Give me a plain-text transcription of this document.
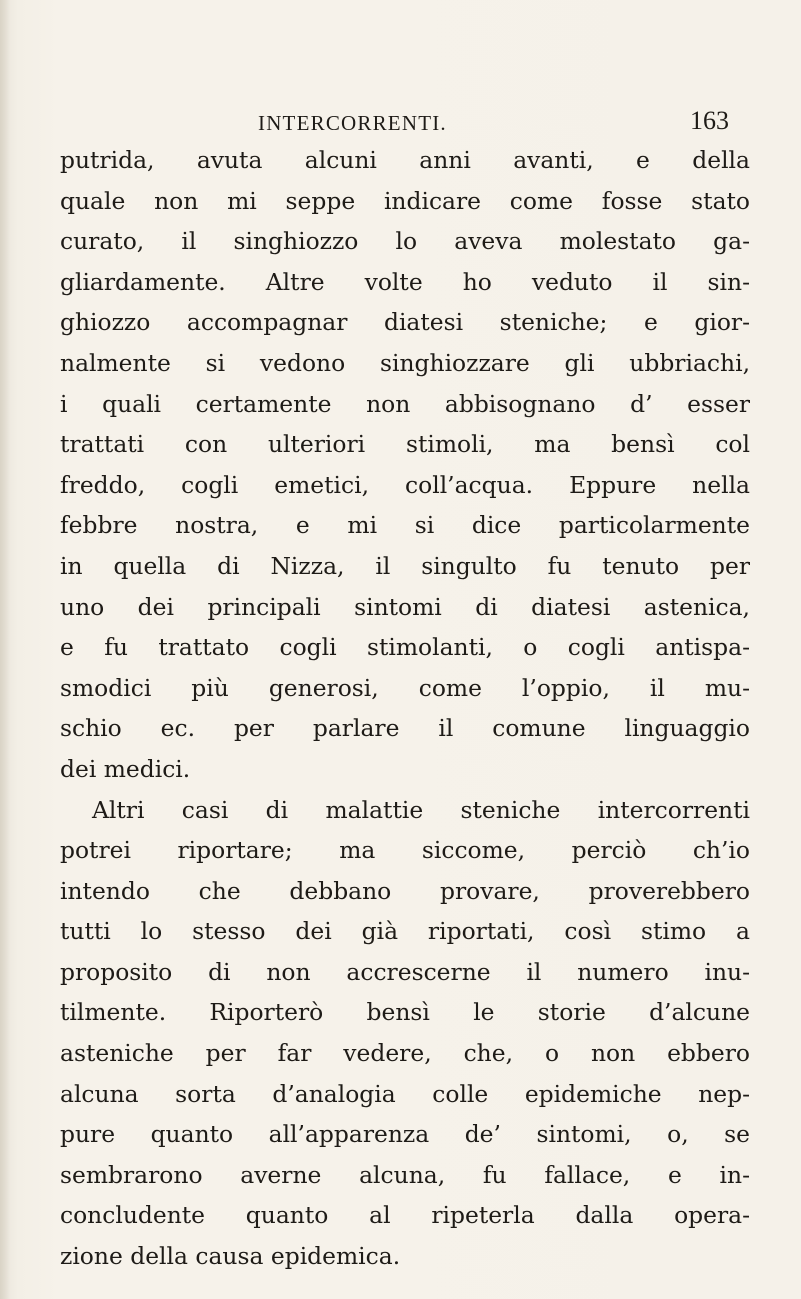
INTERCORRENTI.	163
putrida, avuta alcuni anni avanti, e della
quale non mi seppe indicare come fosse stato
curato, il singhiozzo lo aveva molestato ga-
gliardamente. Altre volte ho veduto il sin-
ghiozzo accompagnar diatesi steniche; e gior-
nalmente si vedono singhiozzare gli ubbriachi,
i quali certamente non abbisognano d’ esser
trattati con ulteriori stimoli, ma bensì col
freddo, cogli emetici, coll’acqua. Eppure nella
febbre nostra, e mi si dice particolarmente
in quella di Nizza, il singulto fu tenuto per
uno dei principali sintomi di diatesi astenica,
e fu trattato cogli stimolanti, o cogli antispa-
smodici più generosi, come l’oppio, il mu-
schio ec. per parlare il comune linguaggio
dei medici.
Altri casi di malattie steniche intercorrenti
potrei riportare; ma siccome, perciò ch’io
intendo che debbano provare, proverebbero
tutti lo stesso dei già riportati, così stimo a
proposito di non accrescerne il numero inu-
tilmente. Riporterò bensì le storie d’alcune
asteniche per far vedere, che, o non ebbero
alcuna sorta d’analogia colle epidemiche nep-
pure quanto all’apparenza de’ sintomi, o, se
sembrarono averne alcuna, fu fallace, e in-
concludente quanto al ripeterla dalla opera-
zione della causa epidemica.
